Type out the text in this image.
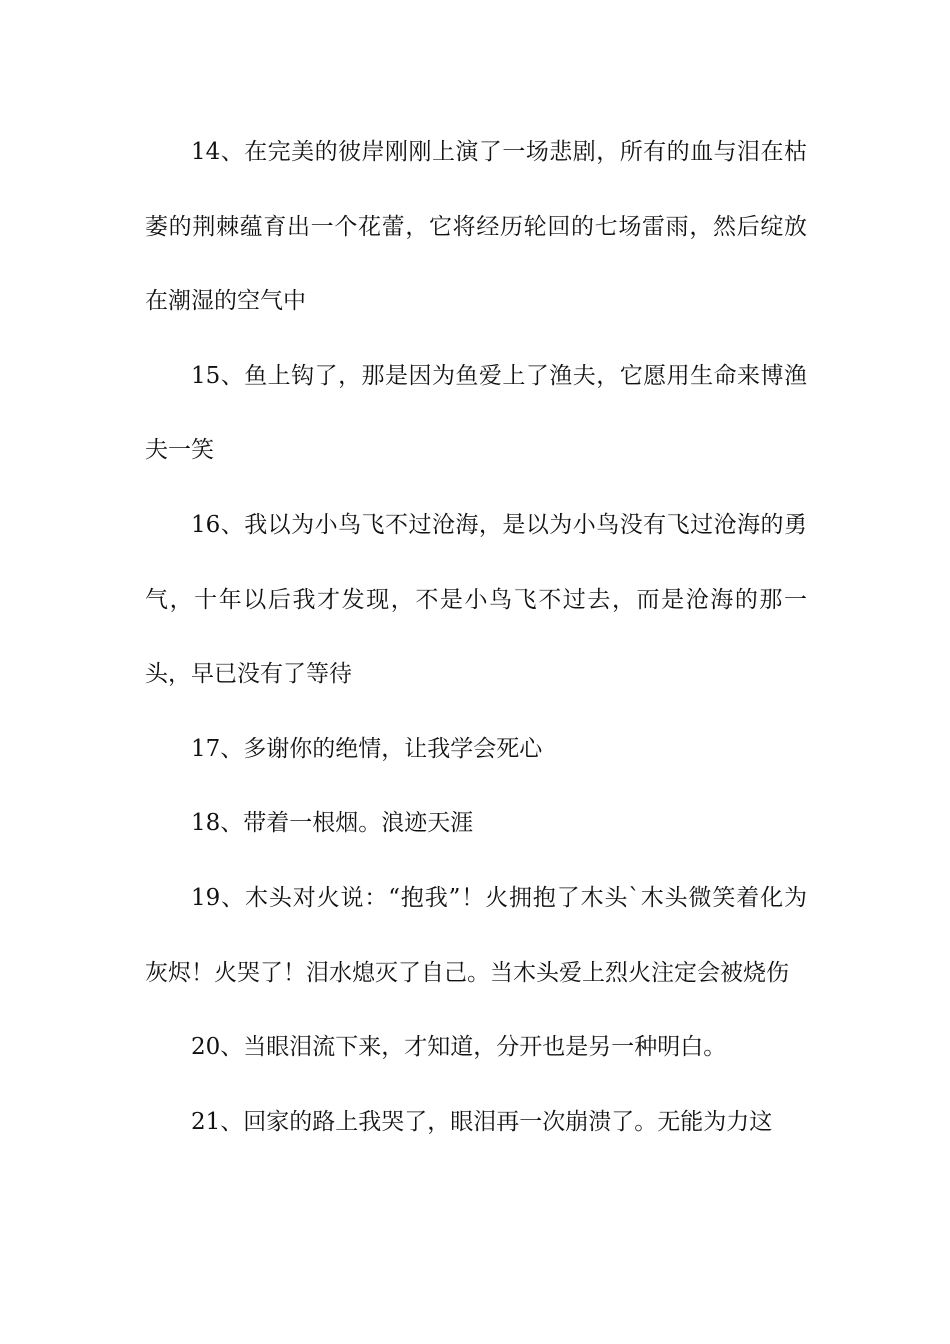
14、在完美的彼岸刚刚上演了一场悲剧，所有的血与泪在枯萎的荆棘蕴育出一个花蕾，它将经历轮回的七场雷雨，然后绽放在潮湿的空气中

15、鱼上钩了，那是因为鱼爱上了渔夫，它愿用生命来博渔夫一笑

16、我以为小鸟飞不过沧海，是以为小鸟没有飞过沧海的勇气，十年以后我才发现，不是小鸟飞不过去，而是沧海的那一头，早已没有了等待

17、多谢你的绝情，让我学会死心

18、带着一根烟。浪迹天涯

19、木头对火说：“抱我”！火拥抱了木头`木头微笑着化为灰烬！火哭了！泪水熄灭了自己。当木头爱上烈火注定会被烧伤

20、当眼泪流下来，才知道，分开也是另一种明白。

21、回家的路上我哭了，眼泪再一次崩溃了。无能为力这
